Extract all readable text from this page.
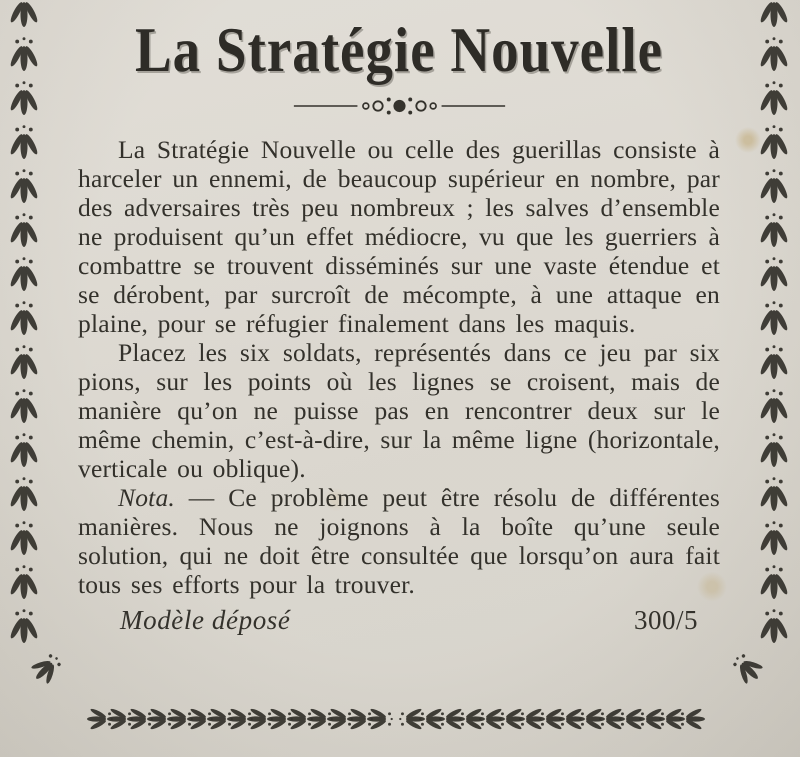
La Stratégie Nouvelle

La Stratégie Nouvelle ou celle des guerillas consiste à harceler un ennemi, de beaucoup supérieur en nombre, par des adversaires très peu nombreux ; les salves d’ensemble ne produisent qu’un effet médiocre, vu que les guerriers à combattre se trouvent disséminés sur une vaste étendue et se dérobent, par surcroît de mécompte, à une attaque en plaine, pour se réfugier finalement dans les maquis.

Placez les six soldats, représentés dans ce jeu par six pions, sur les points où les lignes se croisent, mais de manière qu’on ne puisse pas en rencontrer deux sur le même chemin, c’est-à-dire, sur la même ligne (horizontale, verticale ou oblique).

Nota. — Ce problème peut être résolu de différentes manières. Nous ne joignons à la boîte qu’une seule solution, qui ne doit être consultée que lorsqu’on aura fait tous ses efforts pour la trouver.

Modèle déposé	300/5
